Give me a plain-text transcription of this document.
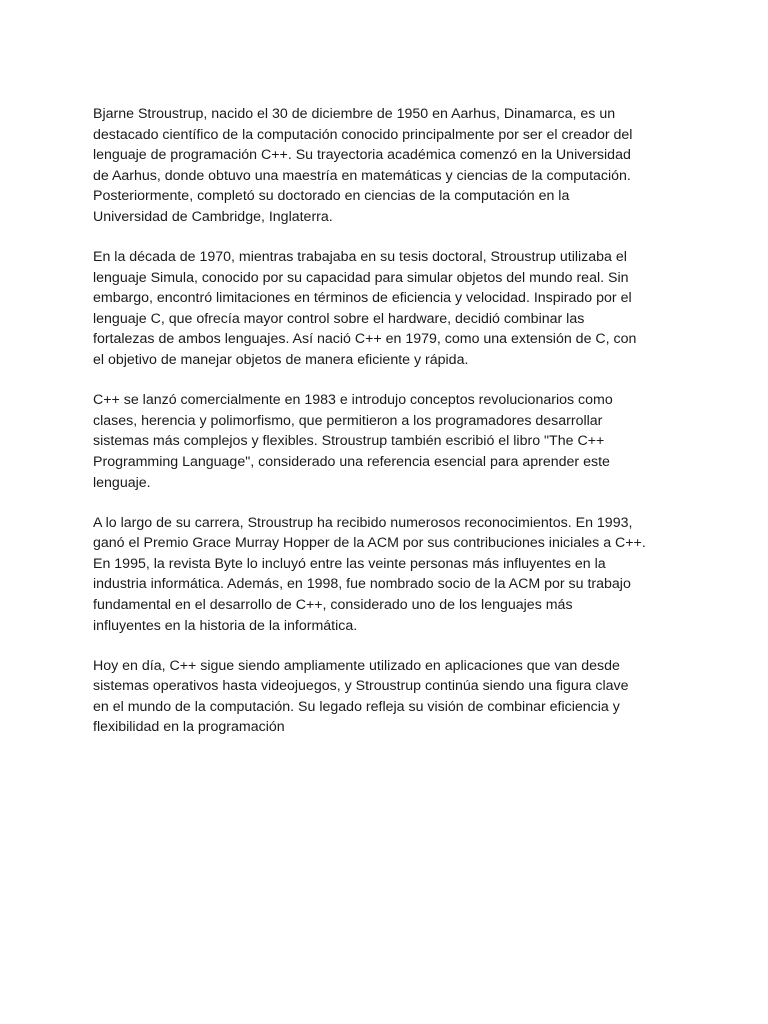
Bjarne Stroustrup, nacido el 30 de diciembre de 1950 en Aarhus, Dinamarca, es un
destacado científico de la computación conocido principalmente por ser el creador del
lenguaje de programación C++. Su trayectoria académica comenzó en la Universidad
de Aarhus, donde obtuvo una maestría en matemáticas y ciencias de la computación.
Posteriormente, completó su doctorado en ciencias de la computación en la
Universidad de Cambridge, Inglaterra.

En la década de 1970, mientras trabajaba en su tesis doctoral, Stroustrup utilizaba el
lenguaje Simula, conocido por su capacidad para simular objetos del mundo real. Sin
embargo, encontró limitaciones en términos de eficiencia y velocidad. Inspirado por el
lenguaje C, que ofrecía mayor control sobre el hardware, decidió combinar las
fortalezas de ambos lenguajes. Así nació C++ en 1979, como una extensión de C, con
el objetivo de manejar objetos de manera eficiente y rápida.

C++ se lanzó comercialmente en 1983 e introdujo conceptos revolucionarios como
clases, herencia y polimorfismo, que permitieron a los programadores desarrollar
sistemas más complejos y flexibles. Stroustrup también escribió el libro "The C++
Programming Language", considerado una referencia esencial para aprender este
lenguaje.

A lo largo de su carrera, Stroustrup ha recibido numerosos reconocimientos. En 1993,
ganó el Premio Grace Murray Hopper de la ACM por sus contribuciones iniciales a C++.
En 1995, la revista Byte lo incluyó entre las veinte personas más influyentes en la
industria informática. Además, en 1998, fue nombrado socio de la ACM por su trabajo
fundamental en el desarrollo de C++, considerado uno de los lenguajes más
influyentes en la historia de la informática.

Hoy en día, C++ sigue siendo ampliamente utilizado en aplicaciones que van desde
sistemas operativos hasta videojuegos, y Stroustrup continúa siendo una figura clave
en el mundo de la computación. Su legado refleja su visión de combinar eficiencia y
flexibilidad en la programación
